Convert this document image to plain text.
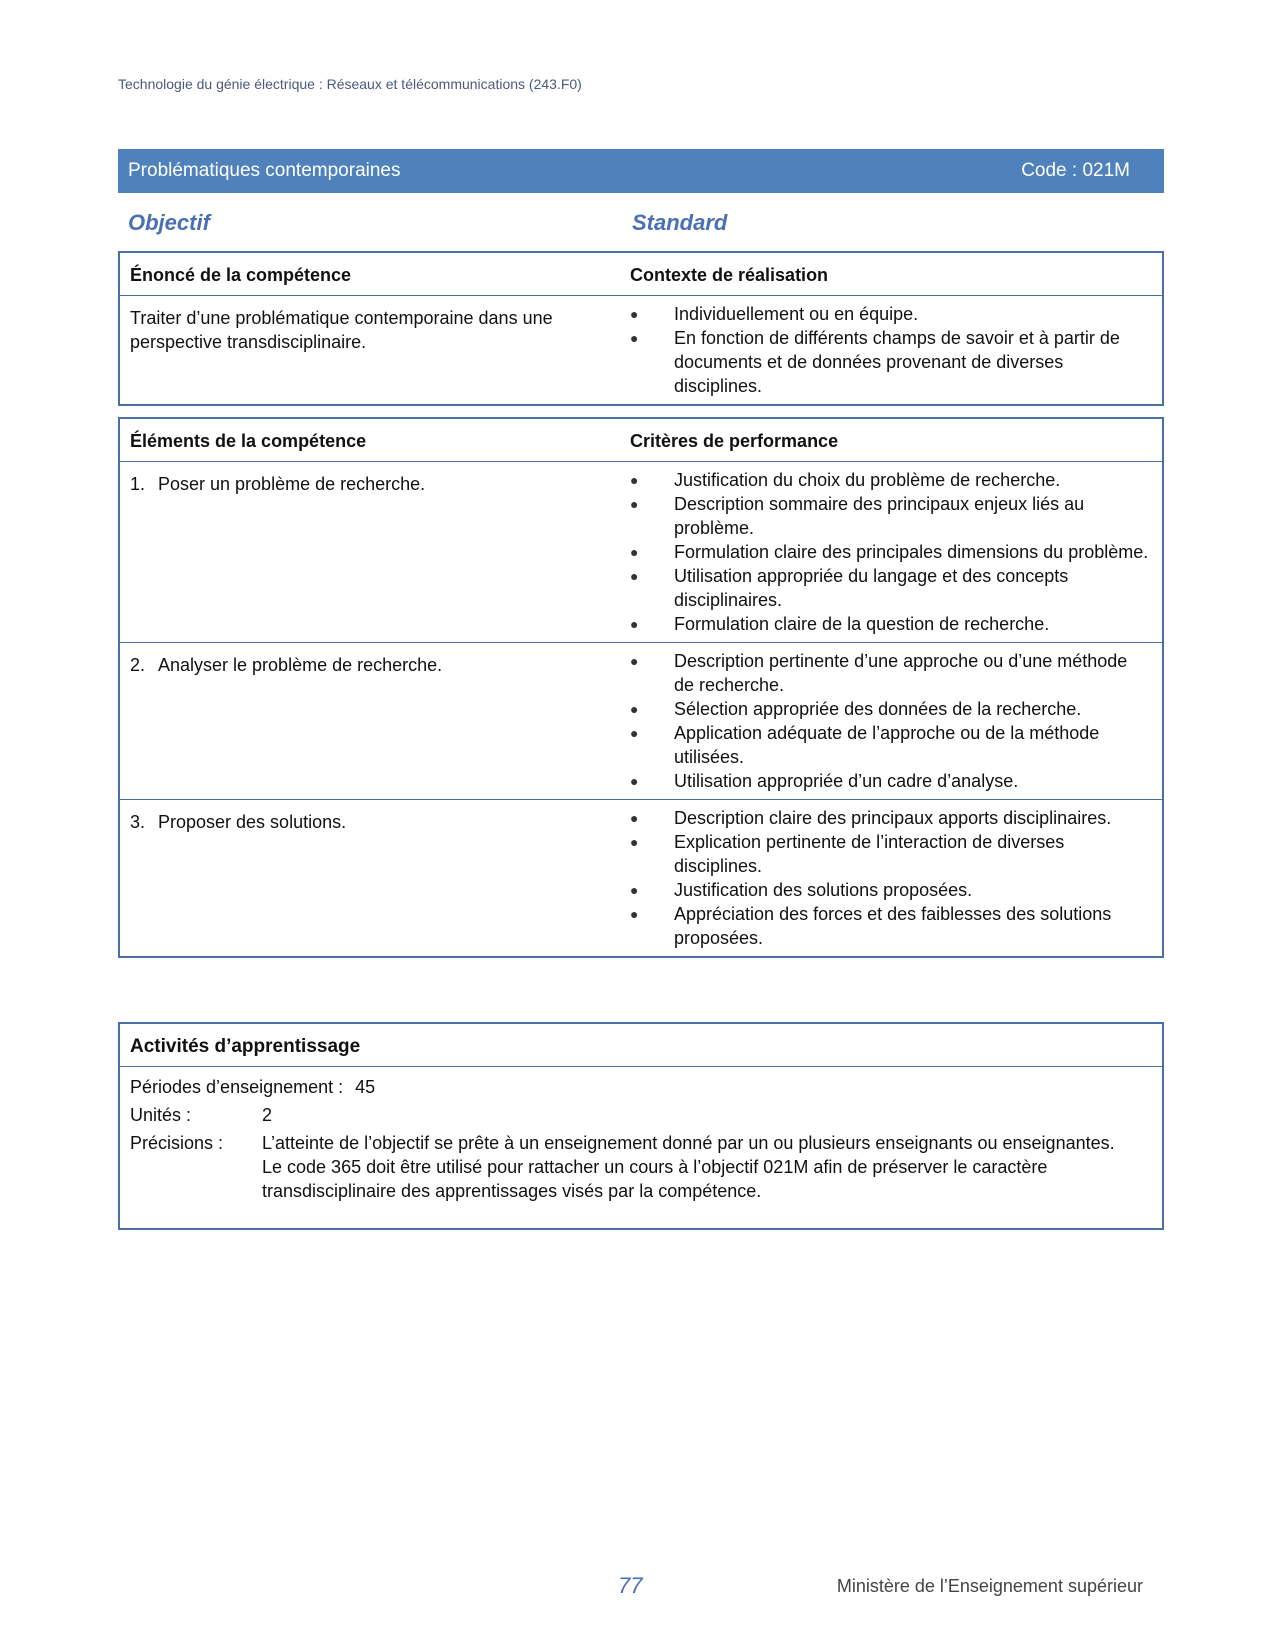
Technologie du génie électrique : Réseaux et télécommunications (243.F0)
Problématiques contemporaines	Code : 021M
Objectif	Standard
Énoncé de la compétence	Contexte de réalisation
Traiter d’une problématique contemporaine dans une perspective transdisciplinaire.
● Individuellement ou en équipe.
● En fonction de différents champs de savoir et à partir de documents et de données provenant de diverses disciplines.
Éléments de la compétence	Critères de performance
1. Poser un problème de recherche.	● Justification du choix du problème de recherche.
● Description sommaire des principaux enjeux liés au problème.
● Formulation claire des principales dimensions du problème.
● Utilisation appropriée du langage et des concepts disciplinaires.
● Formulation claire de la question de recherche.
2. Analyser le problème de recherche.	● Description pertinente d’une approche ou d’une méthode de recherche.
● Sélection appropriée des données de la recherche.
● Application adéquate de l’approche ou de la méthode utilisées.
● Utilisation appropriée d’un cadre d’analyse.
3. Proposer des solutions.	● Description claire des principaux apports disciplinaires.
● Explication pertinente de l’interaction de diverses disciplines.
● Justification des solutions proposées.
● Appréciation des forces et des faiblesses des solutions proposées.
Activités d’apprentissage
Périodes d’enseignement : 45
Unités :	2
Précisions :	L’atteinte de l’objectif se prête à un enseignement donné par un ou plusieurs enseignants ou enseignantes.
Le code 365 doit être utilisé pour rattacher un cours à l’objectif 021M afin de préserver le caractère transdisciplinaire des apprentissages visés par la compétence.
77	Ministère de l’Enseignement supérieur
